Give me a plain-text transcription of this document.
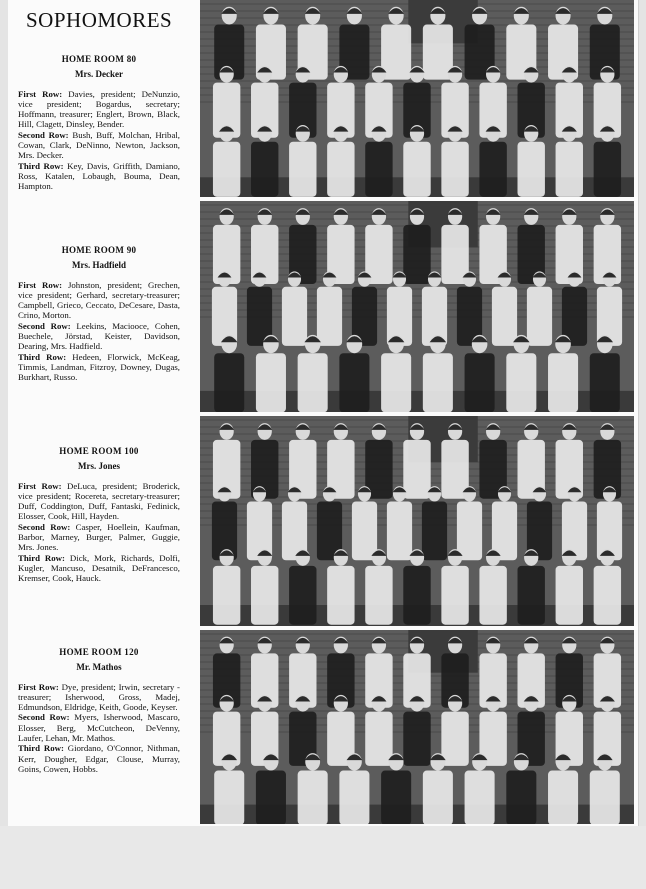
SOPHOMORES
HOME ROOM 80
Mrs. Decker

First Row: Davies, president; DeNunzio, vice president; Bogardus, secretary; Hoffmann, treasurer; Englert, Brown, Black, Hill, Clagett, Dinsley, Bender.

Second Row: Bush, Buff, Molchan, Hribal, Cowan, Clark, DeNinno, Newton, Jackson, Mrs. Decker.

Third Row: Key, Davis, Griffith, Damiano, Ross, Katalen, Lobaugh, Bouma, Dean, Hampton.

HOME ROOM 90
Mrs. Hadfield

First Row: Johnston, president; Grechen, vice president; Gerhard, secretary-treasurer; Campbell, Grieco, Ceccato, DeCesare, Dasta, Crino, Morton.

Second Row: Leekins, Maciooce, Cohen, Buechele, Jörstad, Keister, Davidson, Dearing, Mrs. Hadfield.

Third Row: Hedeen, Florwick, McKeag, Timmis, Landman, Fitzroy, Downey, Dugas, Burkhart, Russo.

HOME ROOM 100
Mrs. Jones

First Row: DeLuca, president; Broderick, vice president; Rocereta, secretary-treasurer; Duff, Coddington, Duff, Fantaski, Fedinick, Elosser, Cook, Hill, Hayden.

Second Row: Casper, Hoellein, Kaufman, Barbor, Marney, Burger, Palmer, Guggie, Mrs. Jones.

Third Row: Dick, Mork, Richards, Dolfi, Kugler, Mancuso, Desatnik, DeFrancesco, Kremser, Cook, Hauck.

HOME ROOM 120
Mr. Mathos

First Row: Dye, president; Irwin, secretary - treasurer; Isherwood, Gross, Madej, Edmundson, Eldridge, Keith, Goode, Keyser.

Second Row: Myers, Isherwood, Mascaro, Elosser, Berg, McCutcheon, DeVenny, Laufer, Lehan, Mr. Mathos.

Third Row: Giordano, O'Connor, Nithman, Kerr, Dougher, Edgar, Clouse, Murray, Goins, Cowen, Hobbs.
